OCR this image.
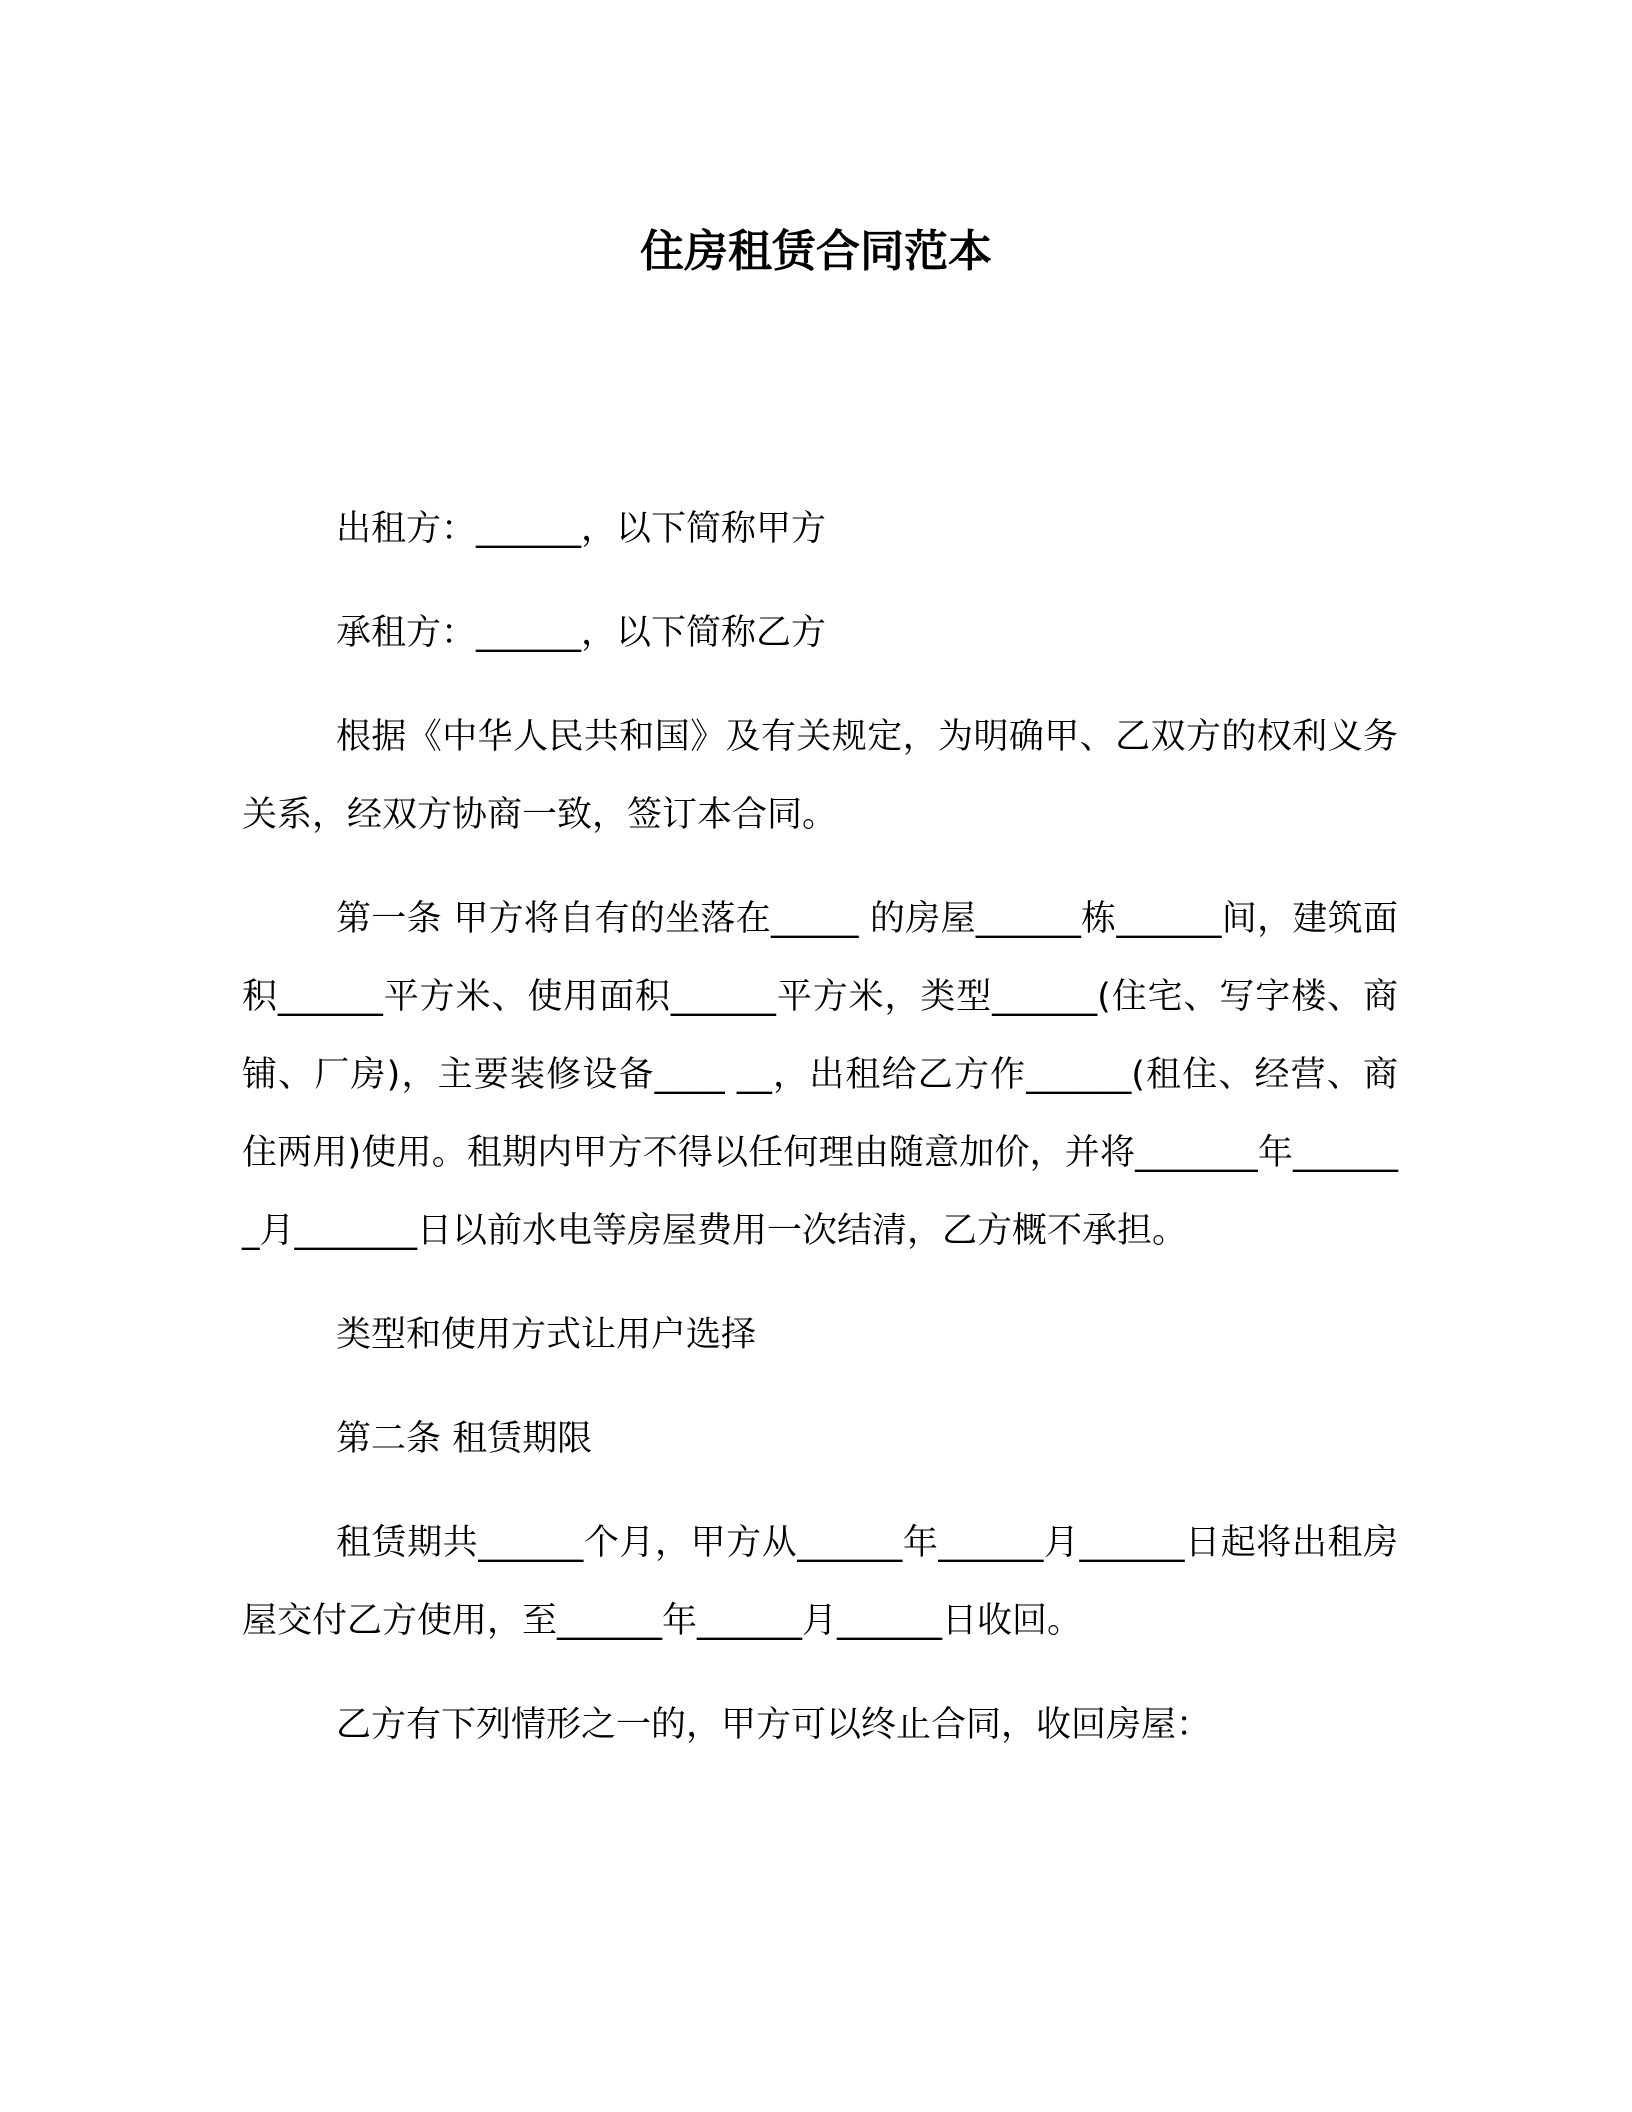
住房租赁合同范本

出租方：______，以下简称甲方

承租方：______，以下简称乙方

根据《中华人民共和国》及有关规定，为明确甲、乙双方的权利义务关系，经双方协商一致，签订本合同。

第一条 甲方将自有的坐落在_____ 的房屋______栋______间，建筑面积______平方米、使用面积______平方米，类型______(住宅、写字楼、商铺、厂房)，主要装修设备____ __，出租给乙方作______(租住、经营、商住两用)使用。租期内甲方不得以任何理由随意加价，并将_______年_______月_______日以前水电等房屋费用一次结清，乙方概不承担。

类型和使用方式让用户选择

第二条 租赁期限

租赁期共______个月，甲方从______年______月______日起将出租房屋交付乙方使用，至______年______月______日收回。

乙方有下列情形之一的，甲方可以终止合同，收回房屋：
